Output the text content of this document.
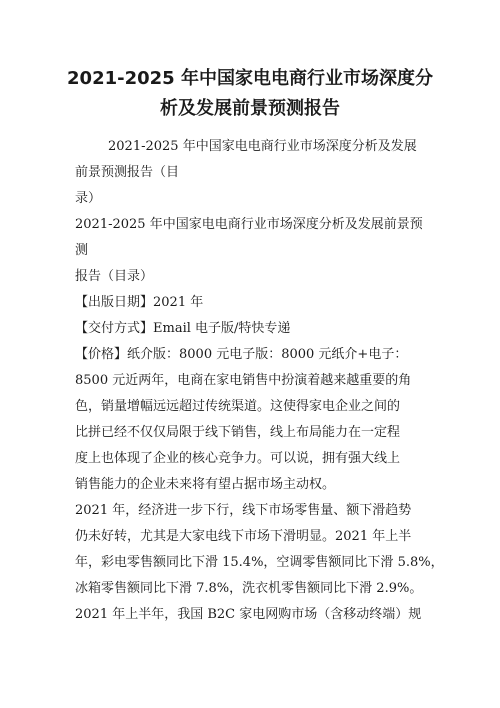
2021-2025 年中国家电电商行业市场深度分
析及发展前景预测报告
2021-2025 年中国家电电商行业市场深度分析及发展
前景预测报告（目
录）
2021-2025 年中国家电电商行业市场深度分析及发展前景预
测
报告（目录）
【出版日期】2021 年
【交付方式】Email 电子版/特快专递
【价格】纸介版：8000 元电子版：8000 元纸介+电子：
8500 元近两年，电商在家电销售中扮演着越来越重要的角
色，销量增幅远远超过传统渠道。这使得家电企业之间的
比拼已经不仅仅局限于线下销售，线上布局能力在一定程
度上也体现了企业的核心竞争力。可以说，拥有强大线上
销售能力的企业未来将有望占据市场主动权。
2021 年，经济进一步下行，线下市场零售量、额下滑趋势
仍未好转，尤其是大家电线下市场下滑明显。2021 年上半
年，彩电零售额同比下滑 15.4%，空调零售额同比下滑 5.8%，
冰箱零售额同比下滑 7.8%，洗衣机零售额同比下滑 2.9%。
2021 年上半年，我国 B2C 家电网购市场（含移动终端）规
